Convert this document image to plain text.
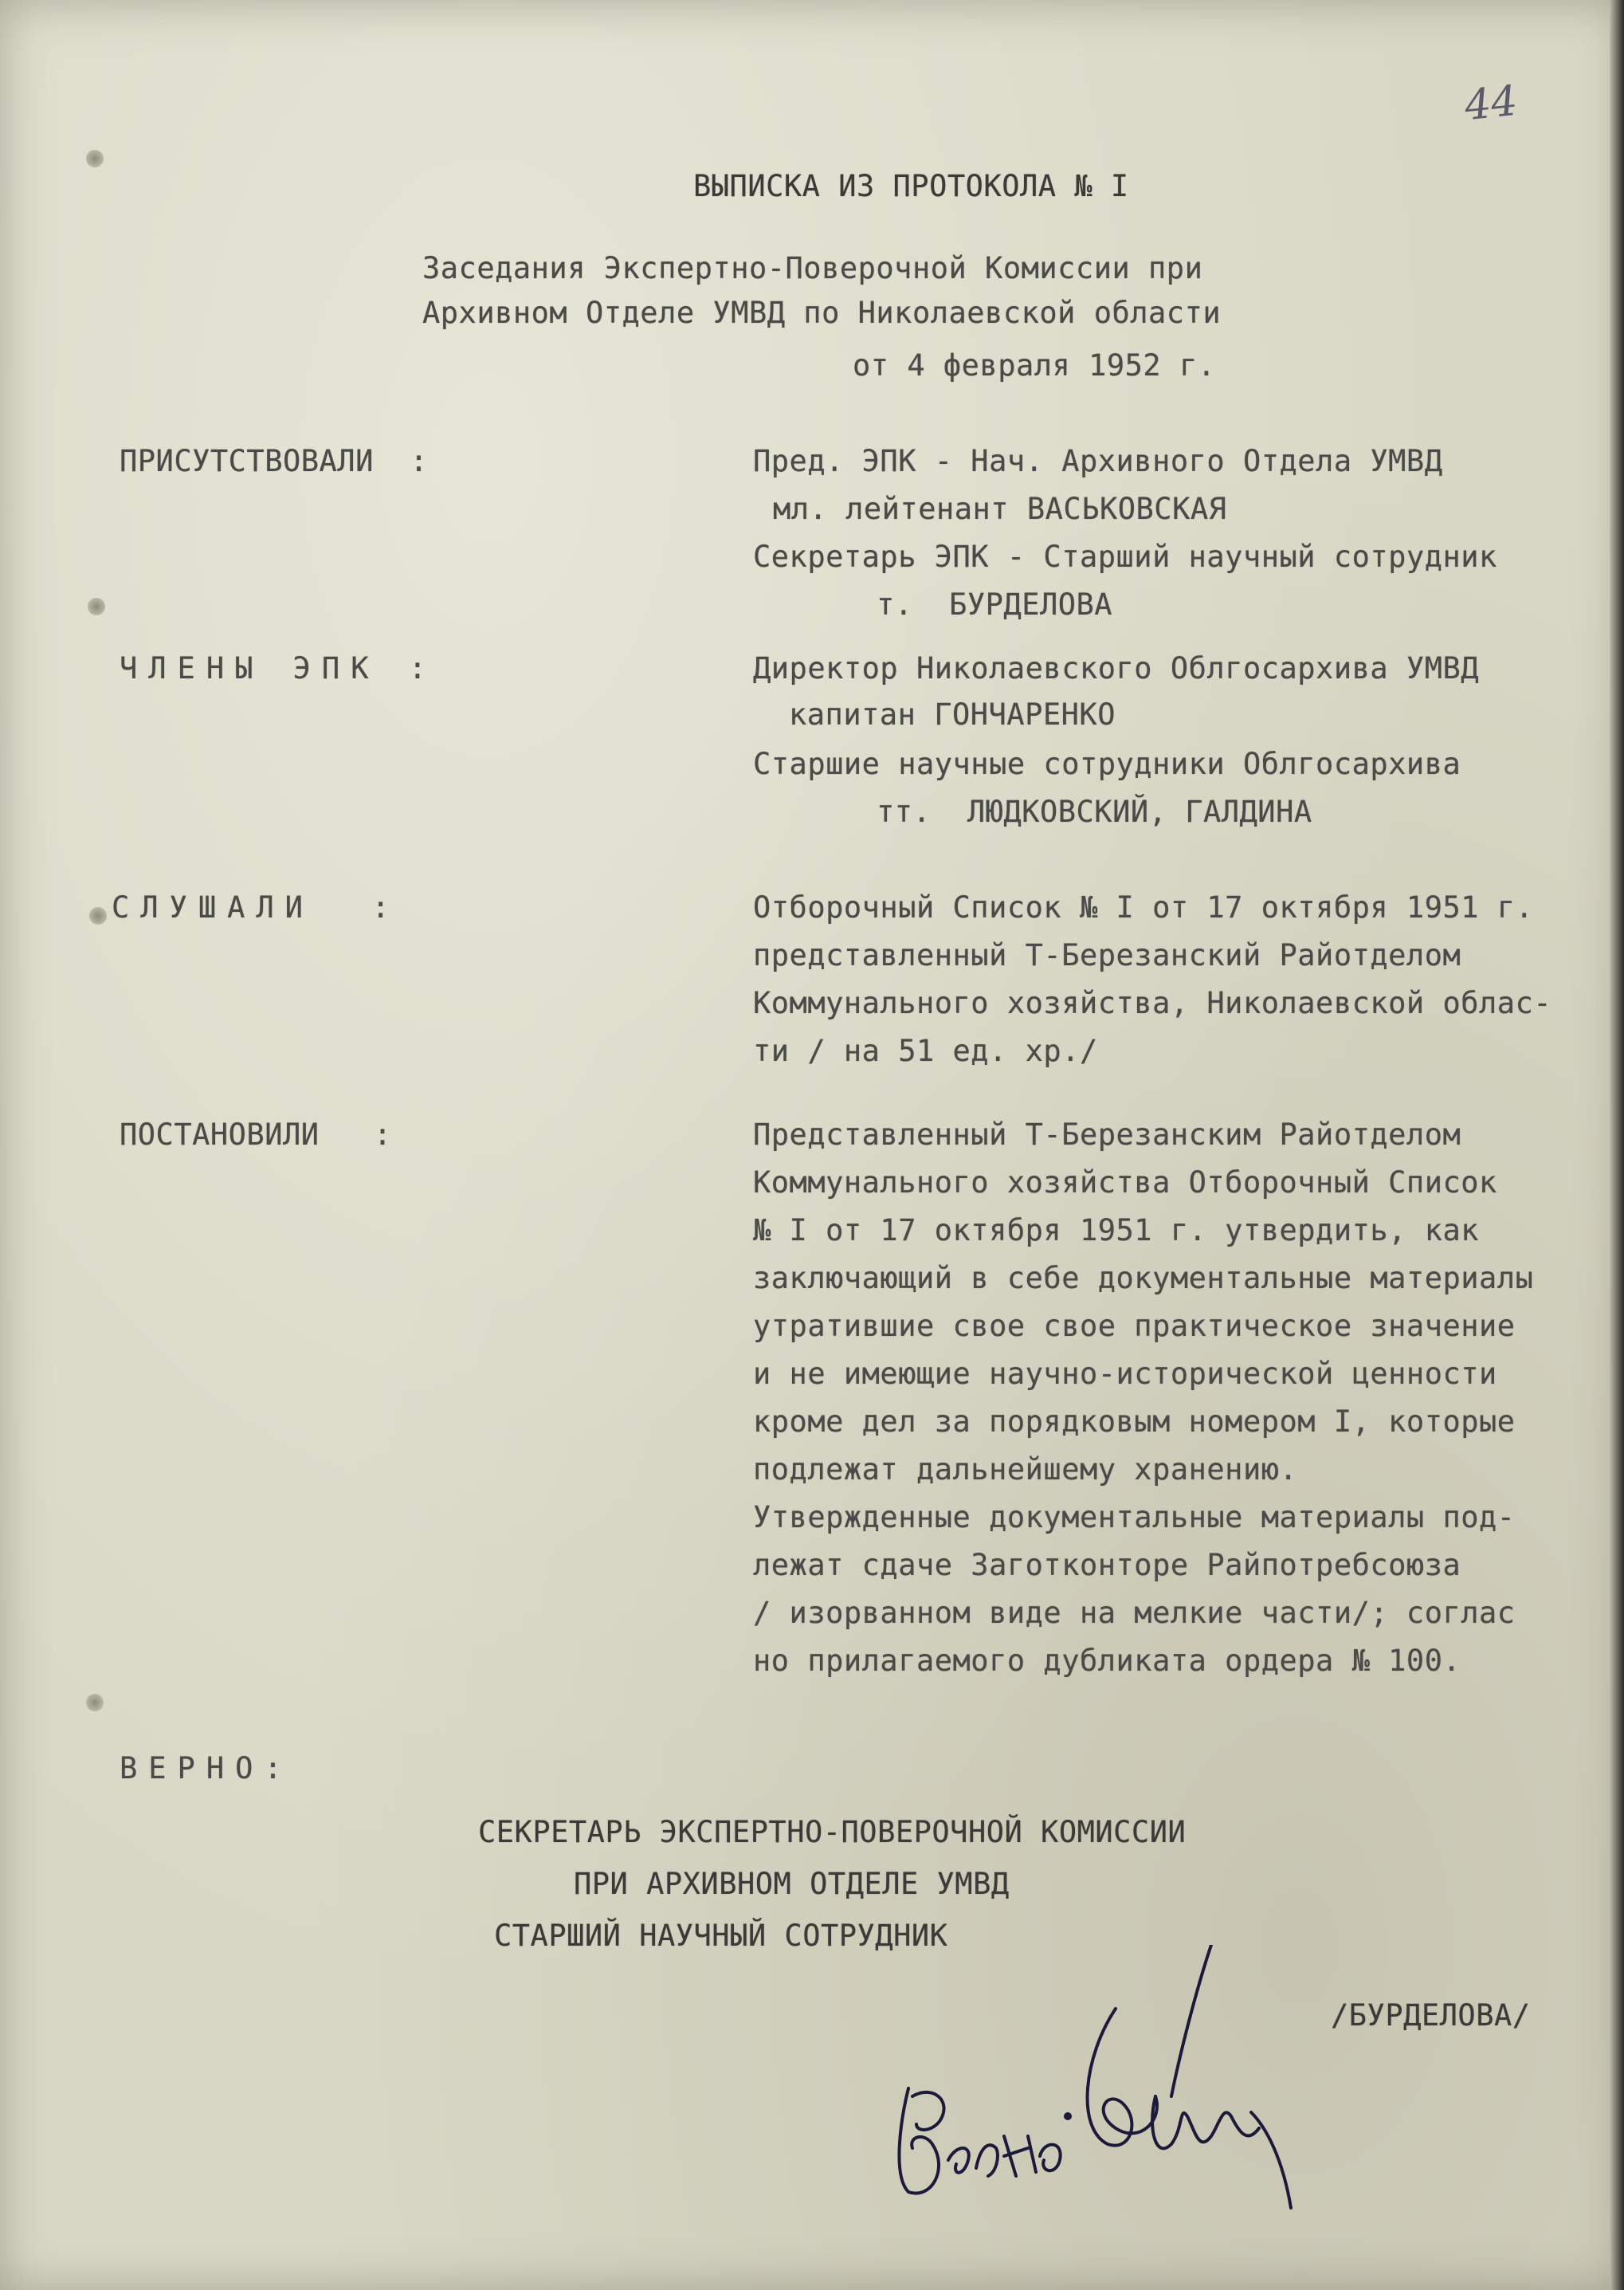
44
ВЫПИСКА ИЗ ПРОТОКОЛА № I
Заседания Экспертно-Поверочной Комиссии при
Архивном Отделе УМВД по Николаевской области
от 4 февраля 1952 г.
ПРИСУТСТВОВАЛИ  :	Пред. ЭПК - Нач. Архивного Отдела УМВД
мл. лейтенант ВАСЬКОВСКАЯ
Секретарь ЭПК - Старший научный сотрудник
т.  БУРДЕЛОВА
ЧЛЕНЫ ЭПК :	Директор Николаевского Облгосархива УМВД
капитан ГОНЧАРЕНКО
Старшие научные сотрудники Облгосархива
тт.  ЛЮДКОВСКИЙ, ГАЛДИНА
СЛУШАЛИ  :	Отборочный Список № I от 17 октября 1951 г.
представленный Т-Березанский Райотделом
Коммунального хозяйства, Николаевской облас-
ти / на 51 ед. хр./
ПОСТАНОВИЛИ   :	Представленный Т-Березанским Райотделом
Коммунального хозяйства Отборочный Список
№ I от 17 октября 1951 г. утвердить, как
заключающий в себе документальные материалы
утратившие свое свое практическое значение
и не имеющие научно-исторической ценности
кроме дел за порядковым номером I, которые
подлежат дальнейшему хранению.
Утвержденные документальные материалы под-
лежат сдаче Заготконторе Райпотребсоюза
/ изорванном виде на мелкие части/; соглас
но прилагаемого дубликата ордера № 100.
ВЕРНО:
СЕКРЕТАРЬ ЭКСПЕРТНО-ПОВЕРОЧНОЙ КОМИССИИ
ПРИ АРХИВНОМ ОТДЕЛЕ УМВД
СТАРШИЙ НАУЧНЫЙ СОТРУДНИК
/БУРДЕЛОВА/
